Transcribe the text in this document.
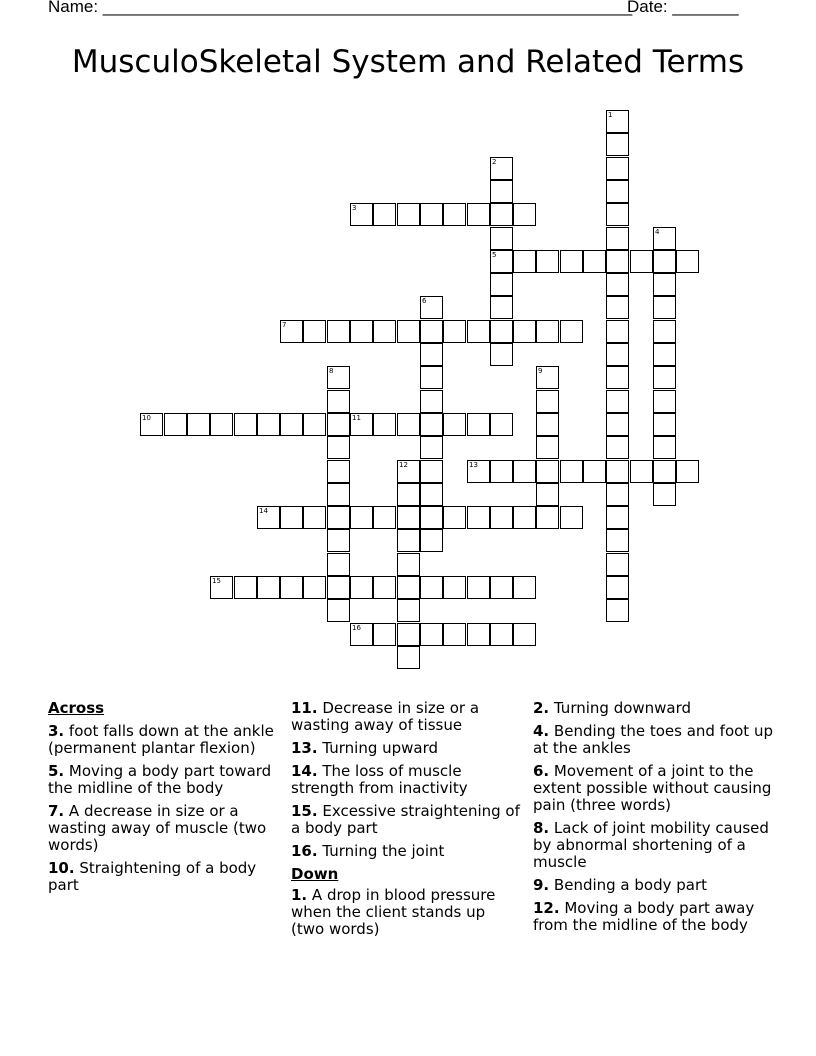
Name: ________________________________________________________
Date: _______
MusculoSkeletal System and Related Terms
3
5
7
10	11
13
14
15
16
1
2
4
6
8	9
12
Across
3. foot falls down at the ankle (permanent plantar flexion)
5. Moving a body part toward the midline of the body
7. A decrease in size or a wasting away of muscle (two words)
10. Straightening of a body part
11. Decrease in size or a wasting away of tissue
13. Turning upward
14. The loss of muscle strength from inactivity
15. Excessive straightening of a body part
16. Turning the joint
Down
1. A drop in blood pressure when the client stands up (two words)
2. Turning downward
4. Bending the toes and foot up at the ankles
6. Movement of a joint to the extent possible without causing pain (three words)
8. Lack of joint mobility caused by abnormal shortening of a muscle
9. Bending a body part
12. Moving a body part away from the midline of the body
